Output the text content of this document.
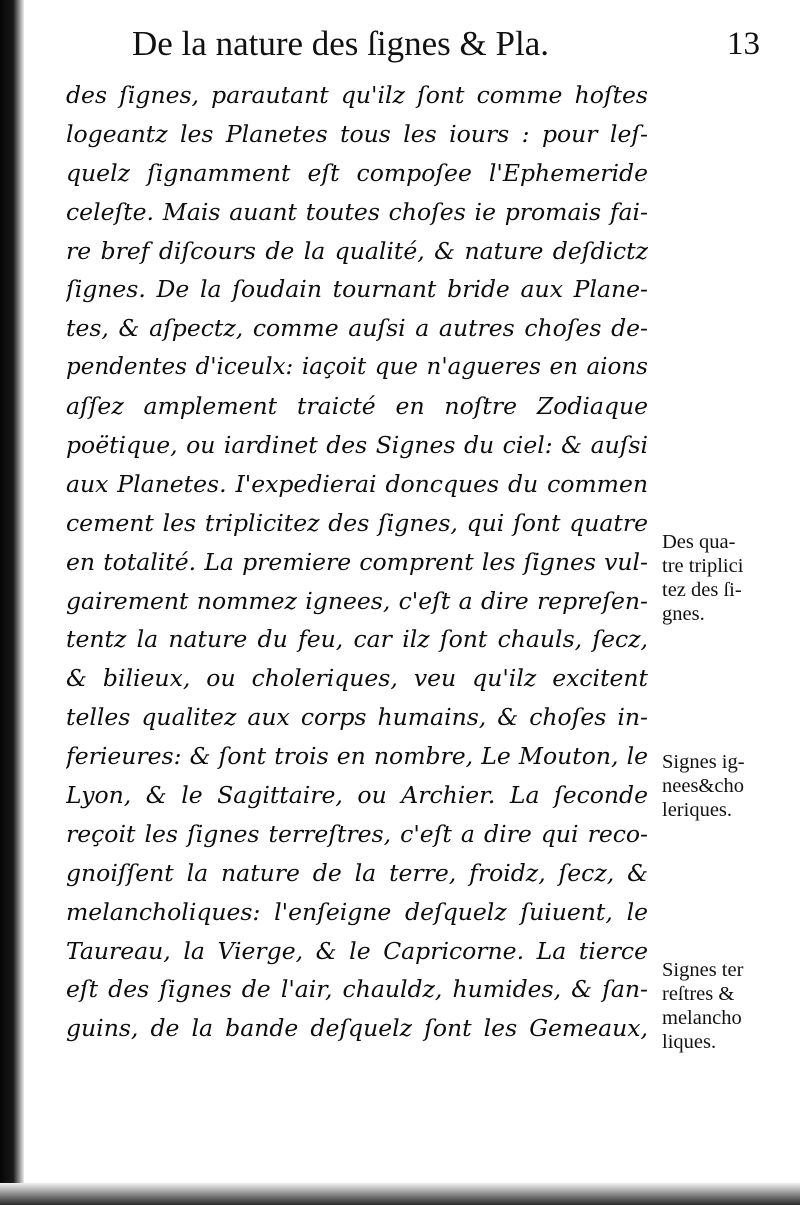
De la nature des ſignes & Pla.	13
des ſignes, parautant qu'ilz ſont comme hoſtes
logeantz les Planetes tous les iours : pour leſ-
quelz ſignamment eſt compoſee l'Ephemeride
celeſte. Mais auant toutes choſes ie promais fai-
re bref diſcours de la qualité, & nature deſdictz
ſignes. De la ſoudain tournant bride aux Plane-
tes, & aſpectz, comme auſsi a autres choſes de-
pendentes d'iceulx: iaçoit que n'agueres en aions
aſſez amplement traicté en noſtre Zodiaque
poëtique, ou iardinet des Signes du ciel: & auſsi
aux Planetes. I'expedierai doncques du commen
cement les triplicitez des ſignes, qui ſont quatre
en totalité. La premiere comprent les ſignes vul-
gairement nommez ignees, c'eſt a dire repreſen-
tentz la nature du feu, car ilz ſont chauls, ſecz,
& bilieux, ou choleriques, veu qu'ilz excitent
telles qualitez aux corps humains, & choſes in-
ferieures: & ſont trois en nombre, Le Mouton, le
Lyon, & le Sagittaire, ou Archier. La ſeconde
reçoit les ſignes terreſtres, c'eſt a dire qui reco-
gnoiſſent la nature de la terre, froidz, ſecz, &
melancholiques: l'enſeigne deſquelz ſuiuent, le
Taureau, la Vierge, & le Capricorne. La tierce
eſt des ſignes de l'air, chauldz, humides, & ſan-
guins, de la bande deſquelz ſont les Gemeaux,
Des qua-
tre triplici
tez des ſi-
gnes.
Signes ig-
nees&cho
leriques.
Signes ter
reſtres &
melancho
liques.
